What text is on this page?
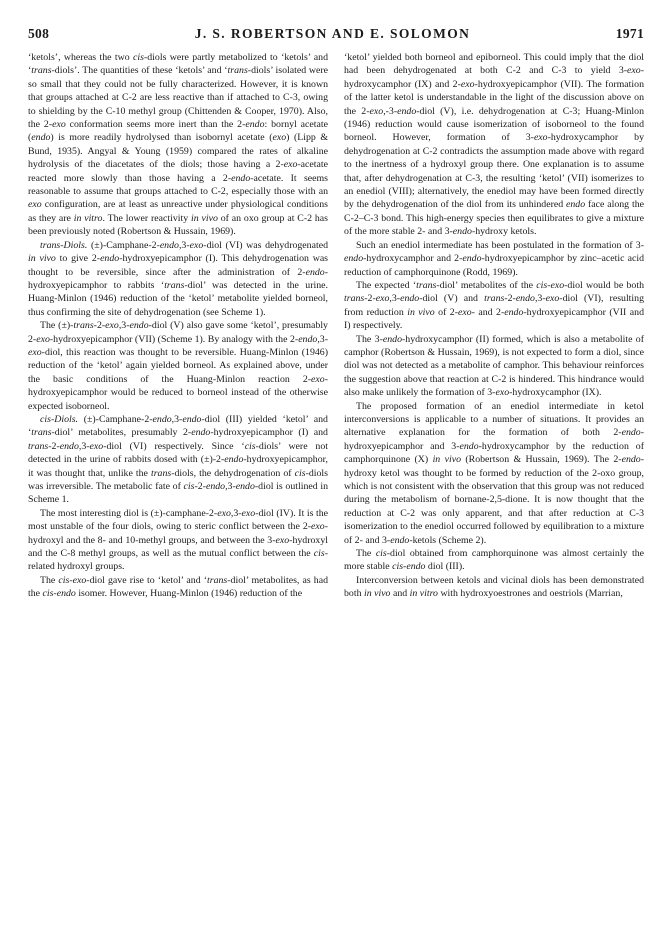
508	J. S. ROBERTSON AND E. SOLOMON	1971

‘ketols’, whereas the two cis-diols were partly metabolized to ‘ketols’ and ‘trans-diols’. The quantities of these ‘ketols’ and ‘trans-diols’ isolated were so small that they could not be fully characterized. However, it is known that groups attached at C-2 are less reactive than if attached to C-3, owing to shielding by the C-10 methyl group (Chittenden & Cooper, 1970). Also, the 2-exo conformation seems more inert than the 2-endo: bornyl acetate (endo) is more readily hydrolysed than isobornyl acetate (exo) (Lipp & Bund, 1935). Angyal & Young (1959) compared the rates of alkaline hydrolysis of the diacetates of the diols; those having a 2-exo-acetate reacted more slowly than those having a 2-endo-acetate. It seems reasonable to assume that groups attached to C-2, especially those with an exo configuration, are at least as unreactive under physiological conditions as they are in vitro. The lower reactivity in vivo of an oxo group at C-2 has been previously noted (Robertson & Hussain, 1969).

trans-Diols. (±)-Camphane-2-endo,3-exo-diol (VI) was dehydrogenated in vivo to give 2-endo-hydroxyepicamphor (I). This dehydrogenation was thought to be reversible, since after the administration of 2-endo-hydroxyepicamphor to rabbits ‘trans-diol’ was detected in the urine. Huang-Minlon (1946) reduction of the ‘ketol’ metabolite yielded borneol, thus confirming the site of dehydrogenation (see Scheme 1).

The (±)-trans-2-exo,3-endo-diol (V) also gave some ‘ketol’, presumably 2-exo-hydroxyepicamphor (VII) (Scheme 1). By analogy with the 2-endo,3-exo-diol, this reaction was thought to be reversible. Huang-Minlon (1946) reduction of the ‘ketol’ again yielded borneol. As explained above, under the basic conditions of the Huang-Minlon reaction 2-exo-hydroxyepicamphor would be reduced to borneol instead of the otherwise expected isoborneol.

cis-Diols. (±)-Camphane-2-endo,3-endo-diol (III) yielded ‘ketol’ and ‘trans-diol’ metabolites, presumably 2-endo-hydroxyepicamphor (I) and trans-2-endo,3-exo-diol (VI) respectively. Since ‘cis-diols’ were not detected in the urine of rabbits dosed with (±)-2-endo-hydroxyepicamphor, it was thought that, unlike the trans-diols, the dehydrogenation of cis-diols was irreversible. The metabolic fate of cis-2-endo,3-endo-diol is outlined in Scheme 1.

The most interesting diol is (±)-camphane-2-exo,3-exo-diol (IV). It is the most unstable of the four diols, owing to steric conflict between the 2-exo-hydroxyl and the 8- and 10-methyl groups, and between the 3-exo-hydroxyl and the C-8 methyl groups, as well as the mutual conflict between the cis-related hydroxyl groups.

The cis-exo-diol gave rise to ‘ketol’ and ‘trans-diol’ metabolites, as had the cis-endo isomer. However, Huang-Minlon (1946) reduction of the

‘ketol’ yielded both borneol and epiborneol. This could imply that the diol had been dehydrogenated at both C-2 and C-3 to yield 3-exo-hydroxycamphor (IX) and 2-exo-hydroxyepicamphor (VII). The formation of the latter ketol is understandable in the light of the discussion above on the 2-exo,-3-endo-diol (V), i.e. dehydrogenation at C-3; Huang-Minlon (1946) reduction would cause isomerization of isoborneol to the found borneol. However, formation of 3-exo-hydroxycamphor by dehydrogenation at C-2 contradicts the assumption made above with regard to the inertness of a hydroxyl group there. One explanation is to assume that, after dehydrogenation at C-3, the resulting ‘ketol’ (VII) isomerizes to an enediol (VIII); alternatively, the enediol may have been formed directly by the dehydrogenation of the diol from its unhindered endo face along the C-2–C-3 bond. This high-energy species then equilibrates to give a mixture of the more stable 2- and 3-endo-hydroxy ketols.

Such an enediol intermediate has been postulated in the formation of 3-endo-hydroxycamphor and 2-endo-hydroxyepicamphor by zinc–acetic acid reduction of camphorquinone (Rodd, 1969).

The expected ‘trans-diol’ metabolites of the cis-exo-diol would be both trans-2-exo,3-endo-diol (V) and trans-2-endo,3-exo-diol (VI), resulting from reduction in vivo of 2-exo- and 2-endo-hydroxyepicamphor (VII and I) respectively.

The 3-endo-hydroxycamphor (II) formed, which is also a metabolite of camphor (Robertson & Hussain, 1969), is not expected to form a diol, since diol was not detected as a metabolite of camphor. This behaviour reinforces the suggestion above that reaction at C-2 is hindered. This hindrance would also make unlikely the formation of 3-exo-hydroxycamphor (IX).

The proposed formation of an enediol intermediate in ketol interconversions is applicable to a number of situations. It provides an alternative explanation for the formation of both 2-endo-hydroxyepicamphor and 3-endo-hydroxycamphor by the reduction of camphorquinone (X) in vivo (Robertson & Hussain, 1969). The 2-endo-hydroxy ketol was thought to be formed by reduction of the 2-oxo group, which is not consistent with the observation that this group was not reduced during the metabolism of bornane-2,5-dione. It is now thought that the reduction at C-2 was only apparent, and that after reduction at C-3 isomerization to the enediol occurred followed by equilibration to a mixture of 2- and 3-endo-ketols (Scheme 2).

The cis-diol obtained from camphorquinone was almost certainly the more stable cis-endo diol (III).

Interconversion between ketols and vicinal diols has been demonstrated both in vivo and in vitro with hydroxyoestrones and oestriols (Marrian,
